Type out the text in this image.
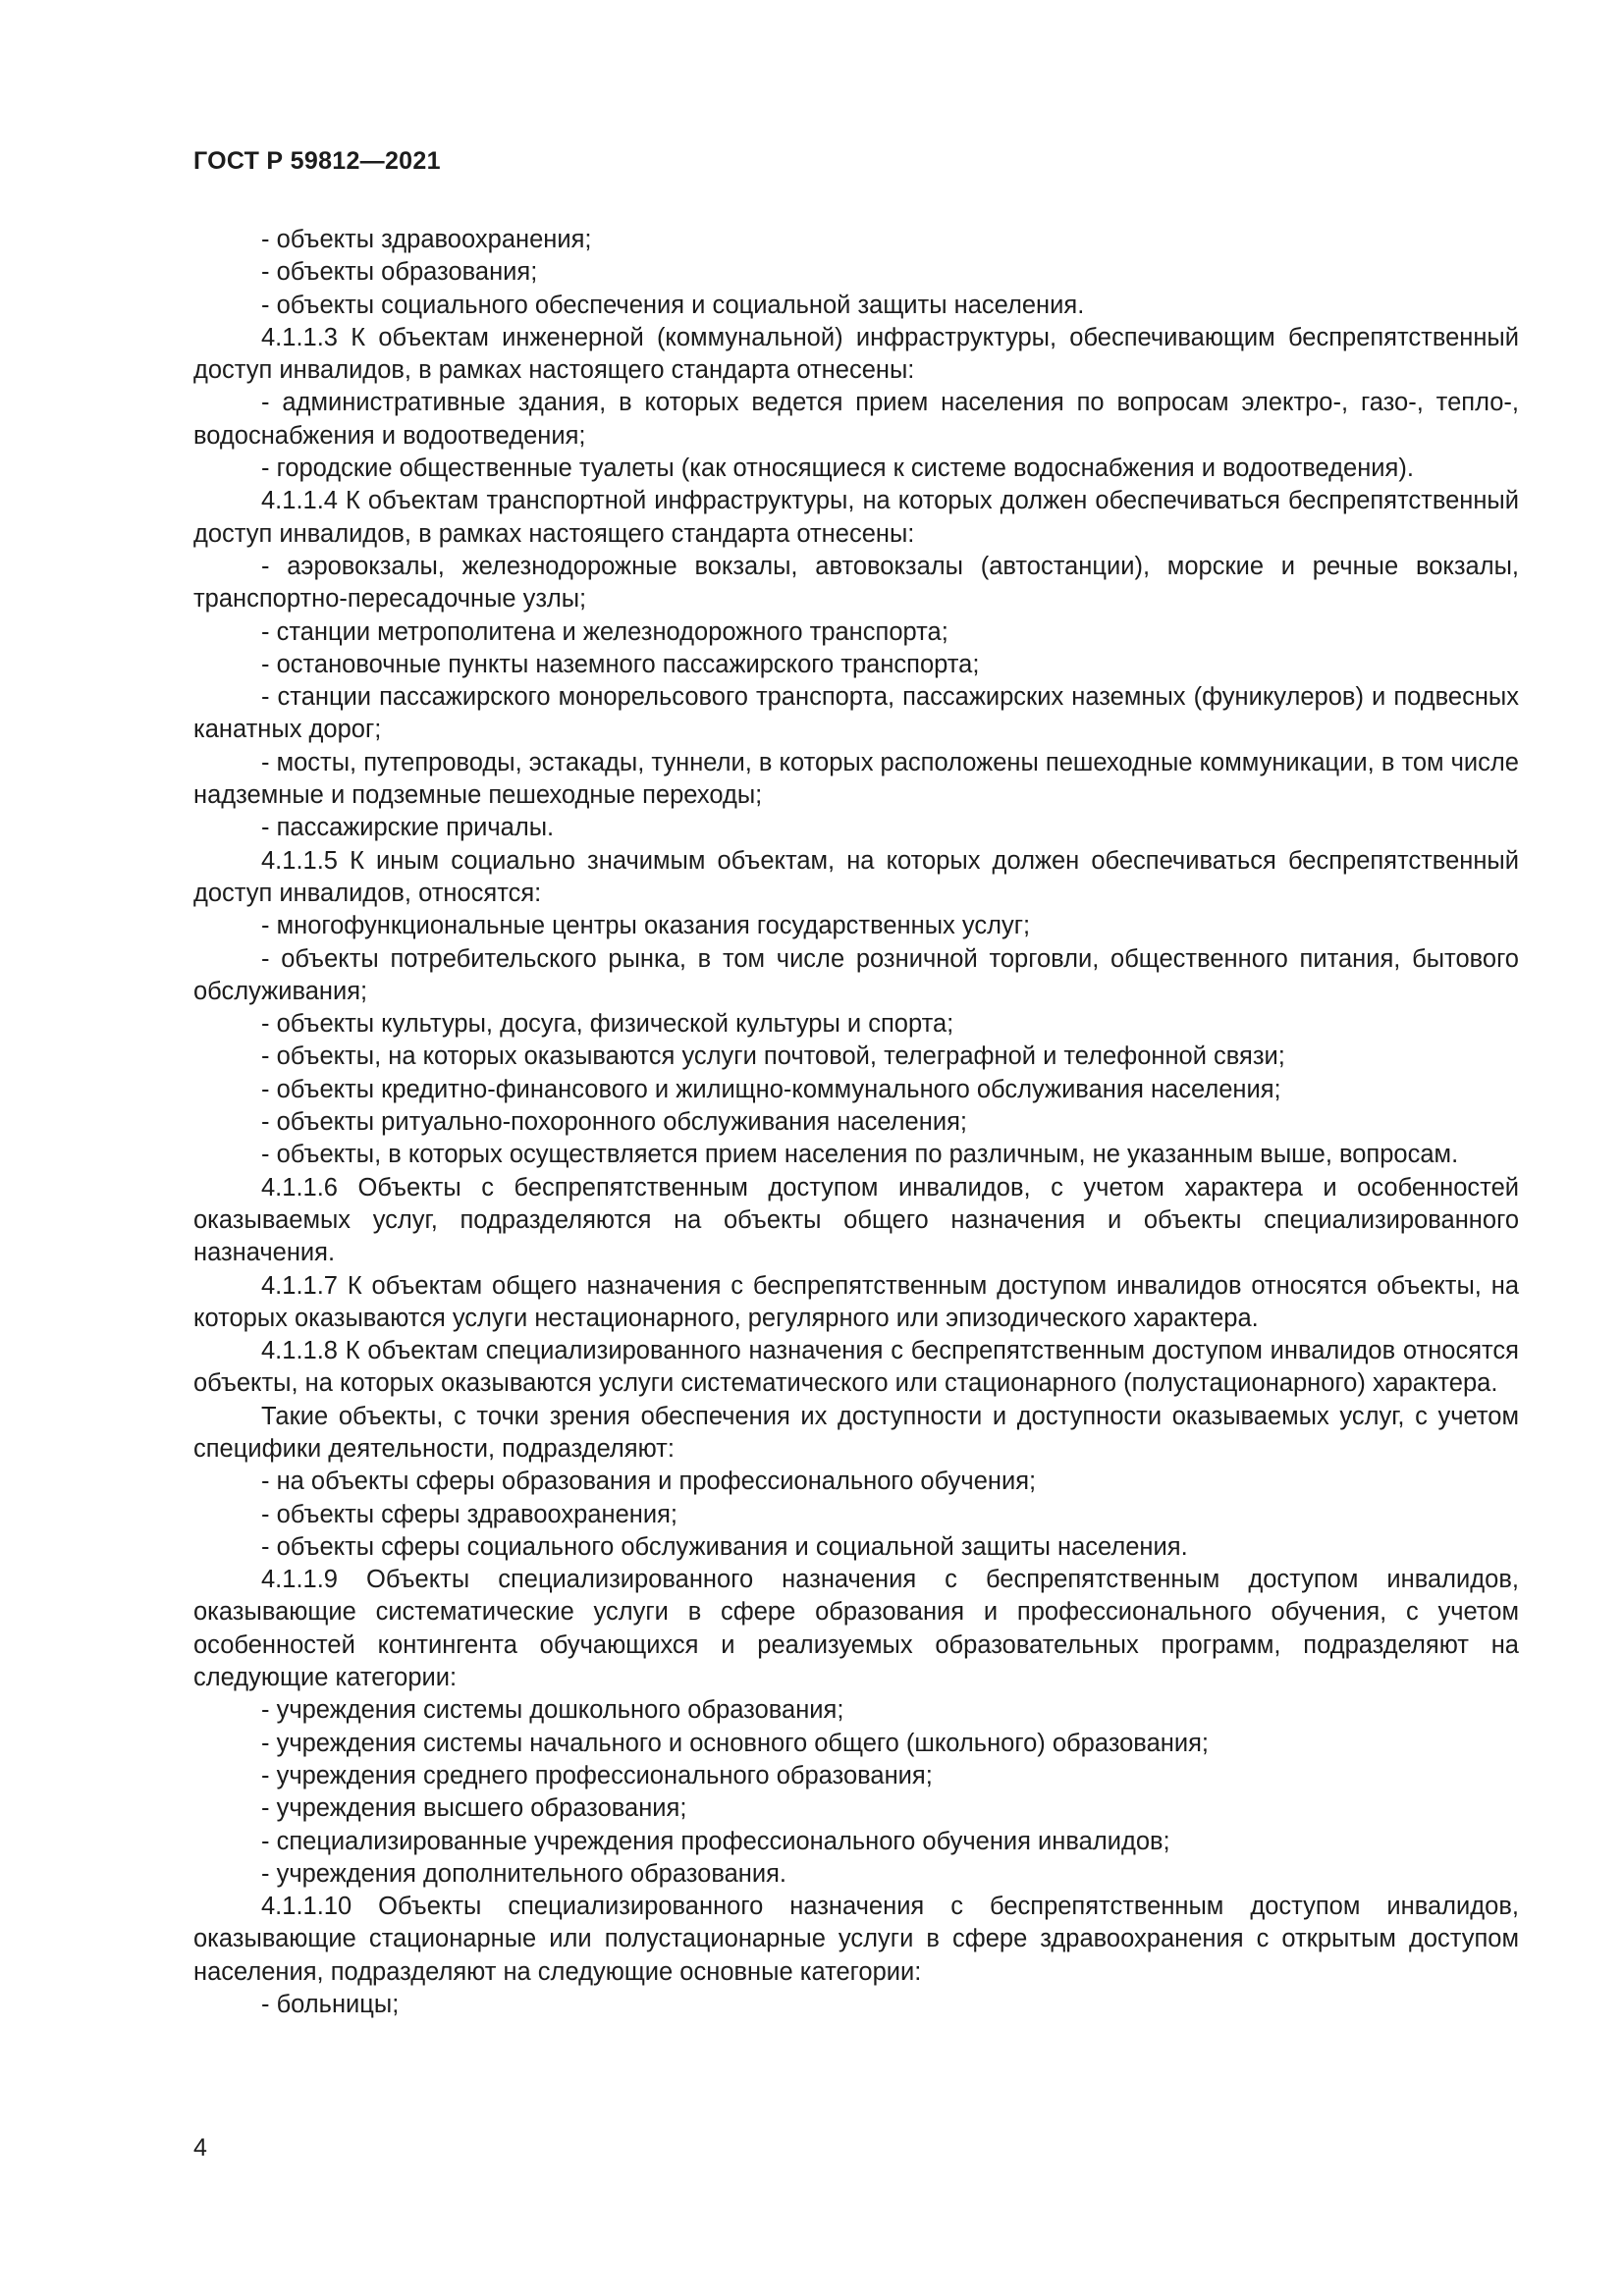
ГОСТ Р 59812—2021

- объекты здравоохранения;

- объекты образования;

- объекты социального обеспечения и социальной защиты населения.

4.1.1.3 К объектам инженерной (коммунальной) инфраструктуры, обеспечивающим беспрепятственный доступ инвалидов, в рамках настоящего стандарта отнесены:

- административные здания, в которых ведется прием населения по вопросам электро-, газо-, тепло-, водоснабжения и водоотведения;

- городские общественные туалеты (как относящиеся к системе водоснабжения и водоотведения).

4.1.1.4 К объектам транспортной инфраструктуры, на которых должен обеспечиваться беспрепятственный доступ инвалидов, в рамках настоящего стандарта отнесены:

- аэровокзалы, железнодорожные вокзалы, автовокзалы (автостанции), морские и речные вокзалы, транспортно-пересадочные узлы;

- станции метрополитена и железнодорожного транспорта;

- остановочные пункты наземного пассажирского транспорта;

- станции пассажирского монорельсового транспорта, пассажирских наземных (фуникулеров) и подвесных канатных дорог;

- мосты, путепроводы, эстакады, туннели, в которых расположены пешеходные коммуникации, в том числе надземные и подземные пешеходные переходы;

- пассажирские причалы.

4.1.1.5 К иным социально значимым объектам, на которых должен обеспечиваться беспрепятственный доступ инвалидов, относятся:

- многофункциональные центры оказания государственных услуг;

- объекты потребительского рынка, в том числе розничной торговли, общественного питания, бытового обслуживания;

- объекты культуры, досуга, физической культуры и спорта;

- объекты, на которых оказываются услуги почтовой, телеграфной и телефонной связи;

- объекты кредитно-финансового и жилищно-коммунального обслуживания населения;

- объекты ритуально-похоронного обслуживания населения;

- объекты, в которых осуществляется прием населения по различным, не указанным выше, вопросам.

4.1.1.6 Объекты с беспрепятственным доступом инвалидов, с учетом характера и особенностей оказываемых услуг, подразделяются на объекты общего назначения и объекты специализированного назначения.

4.1.1.7 К объектам общего назначения с беспрепятственным доступом инвалидов относятся объекты, на которых оказываются услуги нестационарного, регулярного или эпизодического характера.

4.1.1.8 К объектам специализированного назначения с беспрепятственным доступом инвалидов относятся объекты, на которых оказываются услуги систематического или стационарного (полустационарного) характера.

Такие объекты, с точки зрения обеспечения их доступности и доступности оказываемых услуг, с учетом специфики деятельности, подразделяют:

- на объекты сферы образования и профессионального обучения;

- объекты сферы здравоохранения;

- объекты сферы социального обслуживания и социальной защиты населения.

4.1.1.9 Объекты специализированного назначения с беспрепятственным доступом инвалидов, оказывающие систематические услуги в сфере образования и профессионального обучения, с учетом особенностей контингента обучающихся и реализуемых образовательных программ, подразделяют на следующие категории:

- учреждения системы дошкольного образования;

- учреждения системы начального и основного общего (школьного) образования;

- учреждения среднего профессионального образования;

- учреждения высшего образования;

- специализированные учреждения профессионального обучения инвалидов;

- учреждения дополнительного образования.

4.1.1.10 Объекты специализированного назначения с беспрепятственным доступом инвалидов, оказывающие стационарные или полустационарные услуги в сфере здравоохранения с открытым доступом населения, подразделяют на следующие основные категории:

- больницы;

4
